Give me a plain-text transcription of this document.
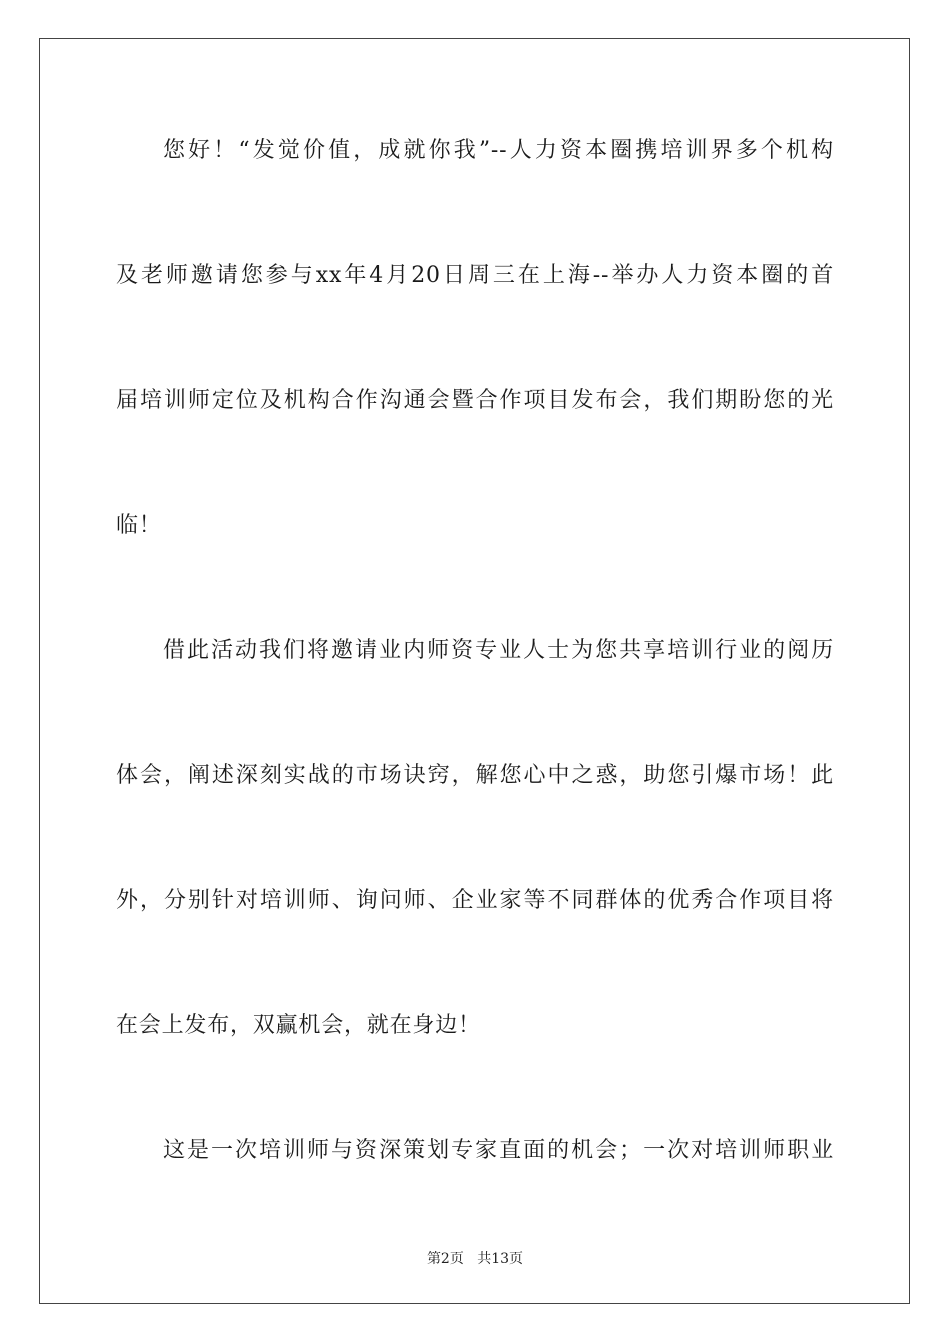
您好！“发觉价值，成就你我”--人力资本圈携培训界多个机构
及老师邀请您参与xx年4月20日周三在上海--举办人力资本圈的首
届培训师定位及机构合作沟通会暨合作项目发布会，我们期盼您的光
临！
借此活动我们将邀请业内师资专业人士为您共享培训行业的阅历
体会，阐述深刻实战的市场诀窍，解您心中之惑，助您引爆市场！此
外，分别针对培训师、询问师、企业家等不同群体的优秀合作项目将
在会上发布，双赢机会，就在身边！
这是一次培训师与资深策划专家直面的机会；一次对培训师职业
第2页 共13页
